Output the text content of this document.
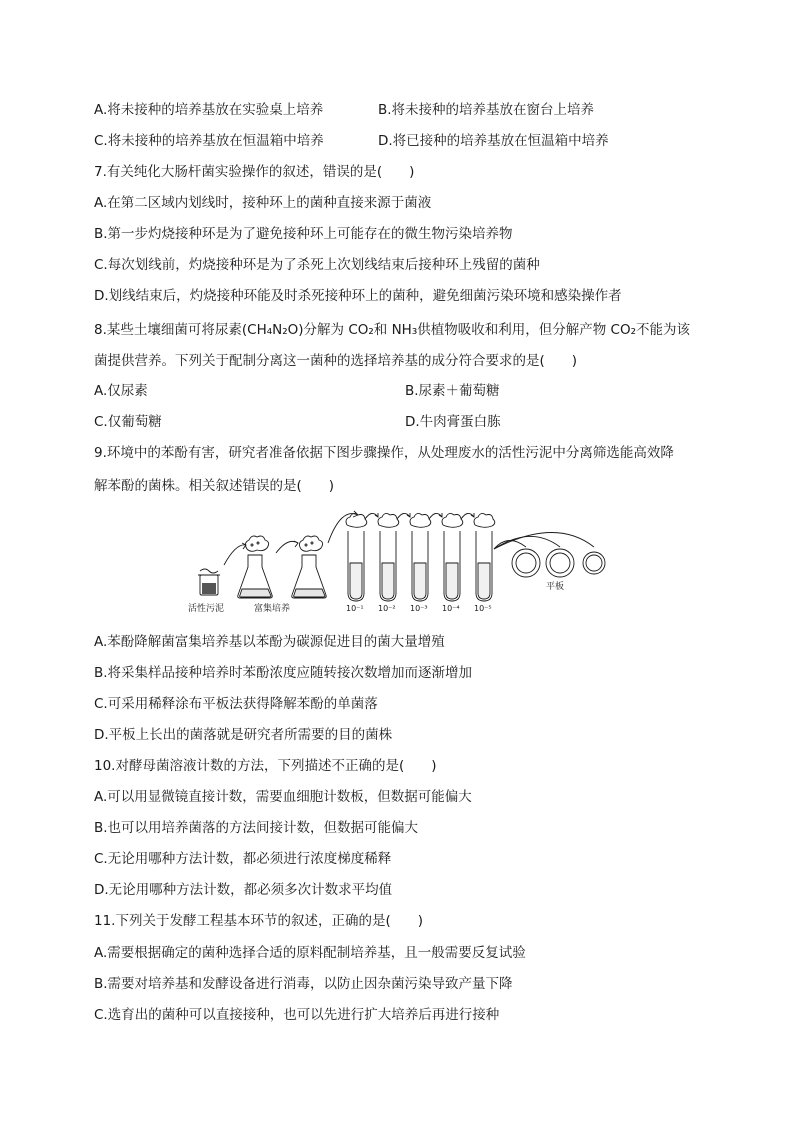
A.将未接种的培养基放在实验桌上培养	B.将未接种的培养基放在窗台上培养
C.将未接种的培养基放在恒温箱中培养	D.将已接种的培养基放在恒温箱中培养
7.有关纯化大肠杆菌实验操作的叙述，错误的是(　　)
A.在第二区域内划线时，接种环上的菌种直接来源于菌液
B.第一步灼烧接种环是为了避免接种环上可能存在的微生物污染培养物
C.每次划线前，灼烧接种环是为了杀死上次划线结束后接种环上残留的菌种
D.划线结束后，灼烧接种环能及时杀死接种环上的菌种，避免细菌污染环境和感染操作者
8.某些土壤细菌可将尿素(CH₄N₂O)分解为 CO₂和 NH₃供植物吸收和利用，但分解产物 CO₂不能为该
菌提供营养。下列关于配制分离这一菌种的选择培养基的成分符合要求的是(　　)
A.仅尿素	B.尿素＋葡萄糖
C.仅葡萄糖	D.牛肉膏蛋白胨
9.环境中的苯酚有害，研究者准备依据下图步骤操作，从处理废水的活性污泥中分离筛选能高效降
解苯酚的菌株。相关叙述错误的是(　　)
活性污泥	富集培养
平板
10⁻¹ 10⁻² 10⁻³ 10⁻⁴ 10⁻⁵
A.苯酚降解菌富集培养基以苯酚为碳源促进目的菌大量增殖
B.将采集样品接种培养时苯酚浓度应随转接次数增加而逐渐增加
C.可采用稀释涂布平板法获得降解苯酚的单菌落
D.平板上长出的菌落就是研究者所需要的目的菌株
10.对酵母菌溶液计数的方法，下列描述不正确的是(　　)
A.可以用显微镜直接计数，需要血细胞计数板，但数据可能偏大
B.也可以用培养菌落的方法间接计数，但数据可能偏大
C.无论用哪种方法计数，都必须进行浓度梯度稀释
D.无论用哪种方法计数，都必须多次计数求平均值
11.下列关于发酵工程基本环节的叙述，正确的是(　　)
A.需要根据确定的菌种选择合适的原料配制培养基，且一般需要反复试验
B.需要对培养基和发酵设备进行消毒，以防止因杂菌污染导致产量下降
C.选育出的菌种可以直接接种，也可以先进行扩大培养后再进行接种
